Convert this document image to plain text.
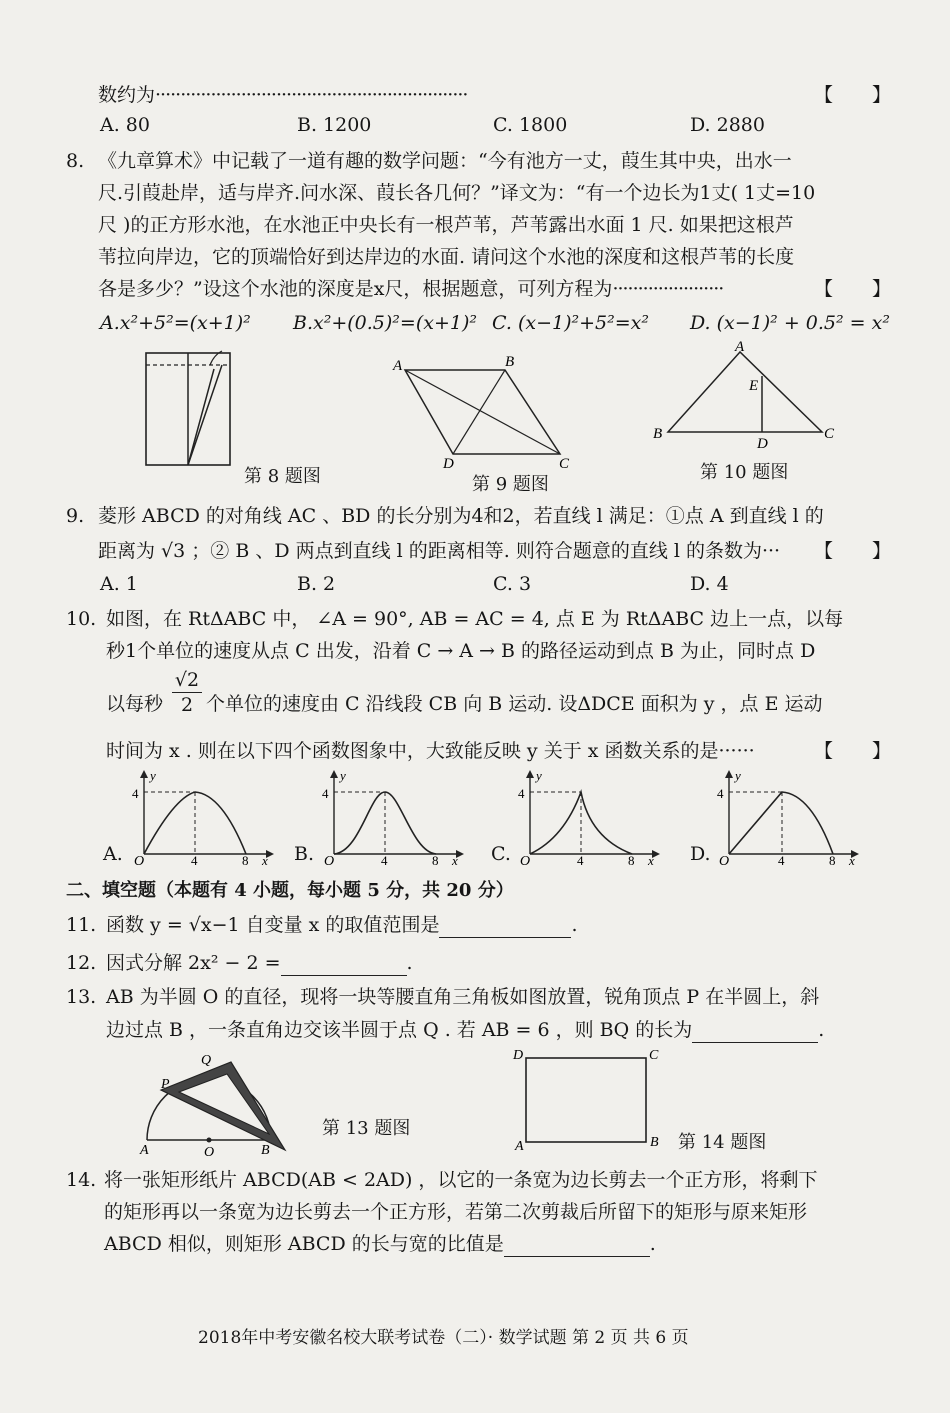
数约为······························································	【 】
A. 80	B. 1200	C. 1800	D. 2880
8. 《九章算术》中记载了一道有趣的数学问题：“今有池方一丈，葭生其中央，出水一
尺.引葭赴岸，适与岸齐.问水深、葭长各几何？”译文为：“有一个边长为1丈( 1丈=10
尺 )的正方形水池，在水池正中央长有一根芦苇，芦苇露出水面 1 尺. 如果把这根芦
苇拉向岸边，它的顶端恰好到达岸边的水面. 请问这个水池的深度和这根芦苇的长度
各是多少？”设这个水池的深度是x尺，根据题意，可列方程为······················	【 】
A.x²+5²=(x+1)² B.x²+(0.5)²=(x+1)² C. (x−1)²+5²=x² D. (x−1)² + 0.5² = x²
第 8 题图
A	B
C
D
第 9 题图
A
B	C
D
E
第 10 题图
9. 菱形 ABCD 的对角线 AC 、BD 的长分别为4和2，若直线 l 满足：①点 A 到直线 l 的
距离为 √3 ；② B 、D 两点到直线 l 的距离相等. 则符合题意的直线 l 的条数为··· 【 】
A. 1	B. 2	C. 3	D. 4
10. 如图，在 RtΔABC 中， ∠A = 90°, AB = AC = 4, 点 E 为 RtΔABC 边上一点，以每
秒1个单位的速度从点 C 出发，沿着 C → A → B 的路径运动到点 B 为止，同时点 D
以每秒 $\frac{√2}{2}$ 个单位的速度由 C 沿线段 CB 向 B 运动. 设ΔDCE 面积为 y ，点 E 运动
时间为 x . 则在以下四个函数图象中，大致能反映 y 关于 x 函数关系的是······	【 】
A.
y
4
O	4	8 x B.
y
4
O	4	8 x C.
y
4
O	4	8 x D.
y
4
O	4	8 x
二、填空题（本题有 4 小题，每小题 5 分，共 20 分）
11. 函数 y = √x−1 自变量 x 的取值范围是	.
12. 因式分解 2x² − 2 =	.
13. AB 为半圆 O 的直径，现将一块等腰直角三角板如图放置，锐角顶点 P 在半圆上，斜
边过点 B ，一条直角边交该半圆于点 Q . 若 AB = 6 ，则 BQ 的长为	.
Q
P
A	O	B
第 13 题图
D	C
A	B 第 14 题图
14. 将一张矩形纸片 ABCD(AB < 2AD) ，以它的一条宽为边长剪去一个正方形，将剩下
的矩形再以一条宽为边长剪去一个正方形，若第二次剪裁后所留下的矩形与原来矩形
ABCD 相似，则矩形 ABCD 的长与宽的比值是	.
2018年中考安徽名校大联考试卷（二）· 数学试题 第 2 页 共 6 页
